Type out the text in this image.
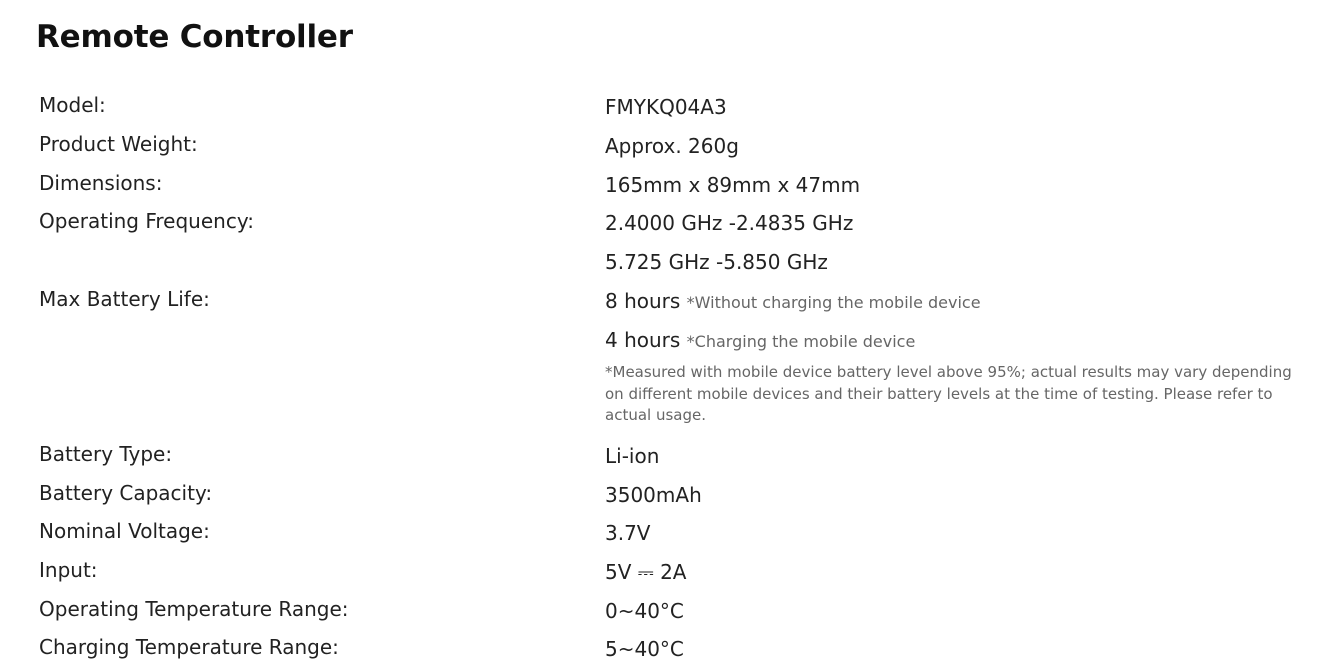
Remote Controller
Model:	FMYKQ04A3
Product Weight:	Approx. 260g
Dimensions:	165mm x 89mm x 47mm
Operating Frequency:	2.4000 GHz -2.4835 GHz
5.725 GHz -5.850 GHz
Max Battery Life:	8 hours *Without charging the mobile device
4 hours *Charging the mobile device
*Measured with mobile device battery level above 95%; actual results may vary depending on different mobile devices and their battery levels at the time of testing. Please refer to actual usage.
Battery Type:	Li-ion
Battery Capacity:	3500mAh
Nominal Voltage:	3.7V
Input:	5V ⎓ 2A
Operating Temperature Range:	0~40°C
Charging Temperature Range:	5~40°C
